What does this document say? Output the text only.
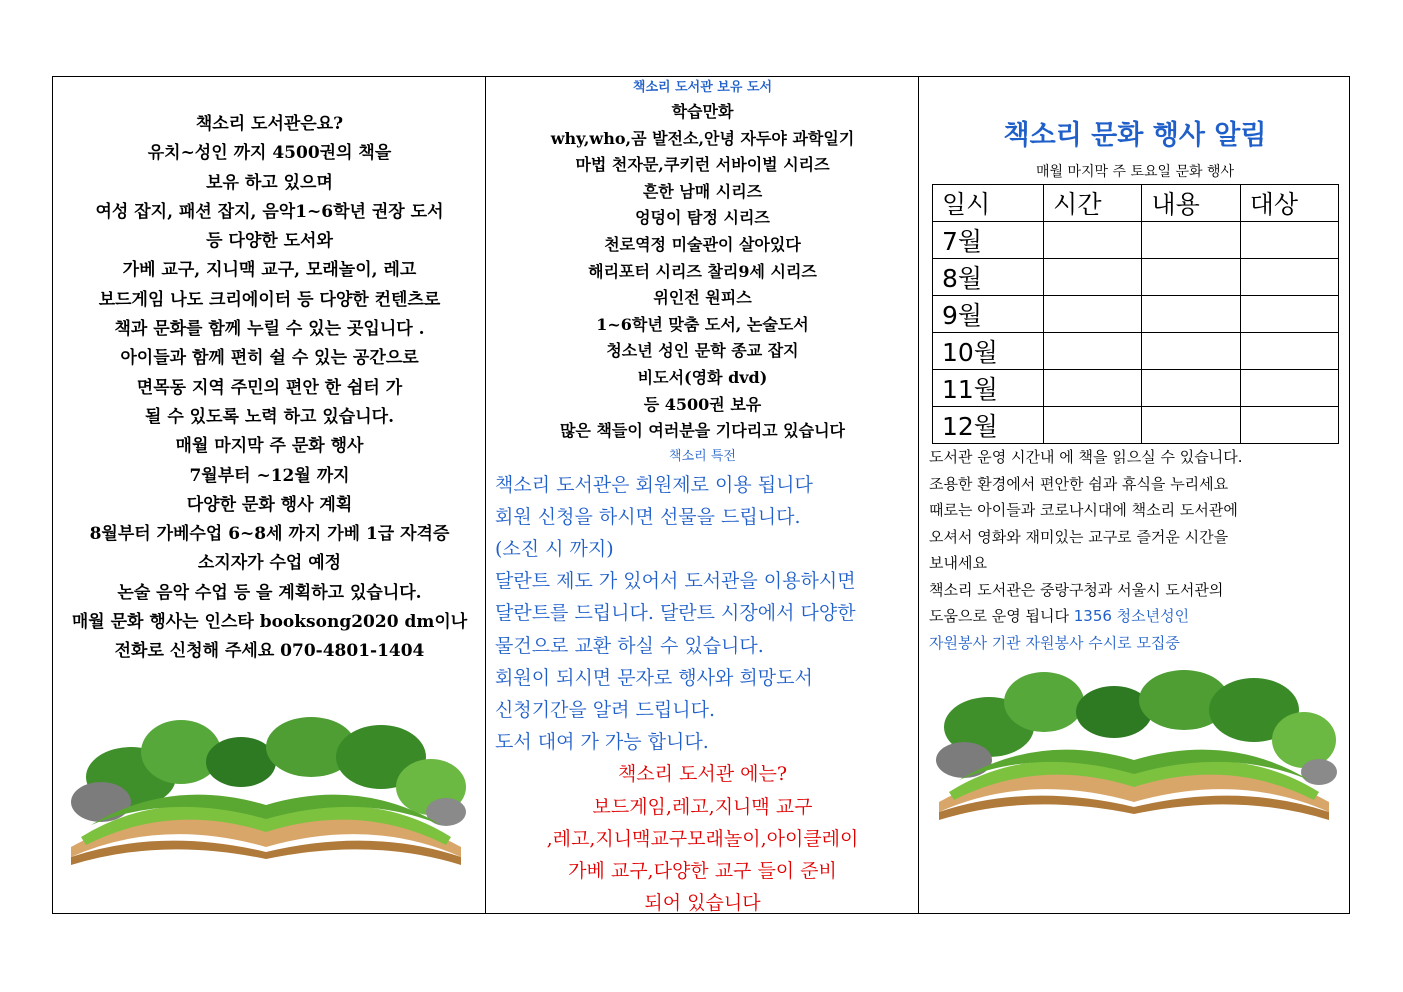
책소리 도서관은요?
유치~성인 까지 4500권의 책을
보유 하고 있으며
여성 잡지, 패션 잡지, 음악1~6학년 권장 도서
등 다양한 도서와
가베 교구, 지니맥 교구, 모래놀이, 레고
보드게임 나도 크리에이터 등 다양한 컨텐츠로
책과 문화를 함께 누릴 수 있는 곳입니다 .
아이들과 함께 편히 쉴 수 있는 공간으로
면목동 지역 주민의 편안 한 쉼터 가
될 수 있도록 노력 하고 있습니다.
매월 마지막 주 문화 행사
7월부터 ~12월 까지
다양한 문화 행사 계획
8월부터 가베수업 6~8세 까지 가베 1급 자격증
소지자가 수업 예정
논술 음악 수업 등 을 계획하고 있습니다.
매월 문화 행사는 인스타 booksong2020 dm이나
전화로 신청해 주세요 070-4801-1404
책소리 도서관 보유 도서
학습만화
why,who,곰 발전소,안녕 자두야 과학일기
마법 천자문,쿠키런 서바이벌 시리즈
흔한 남매 시리즈
엉덩이 탐정 시리즈
천로역정 미술관이 살아있다
해리포터 시리즈 찰리9세 시리즈
위인전 원피스
1~6학년 맞춤 도서, 논술도서
청소년 성인 문학 종교 잡지
비도서(영화 dvd)
등 4500권 보유
많은 책들이 여러분을 기다리고 있습니다
책소리 특전
책소리 도서관은 회원제로 이용 됩니다
회원 신청을 하시면 선물을 드립니다.
(소진 시 까지)
달란트 제도 가 있어서 도서관을 이용하시면
달란트를 드립니다. 달란트 시장에서 다양한
물건으로 교환 하실 수 있습니다.
회원이 되시면 문자로 행사와 희망도서
신청기간을 알려 드립니다.
도서 대여 가 가능 합니다.
책소리 도서관 에는?
보드게임,레고,지니맥 교구
,레고,지니맥교구모래놀이,아이클레이
가베 교구,다양한 교구 들이 준비
되어 있습니다
책소리 문화 행사 알림
매월 마지막 주 토요일 문화 행사
일시	시간	내용	대상
7월			
8월			
9월			
10월			
11월			
12월			
도서관 운영 시간내 에 책을 읽으실 수 있습니다.
조용한 환경에서 편안한 쉼과 휴식을 누리세요
때로는 아이들과 코로나시대에 책소리 도서관에
오셔서 영화와 재미있는 교구로 즐거운 시간을
보내세요
책소리 도서관은 중랑구청과 서울시 도서관의
도움으로 운영 됩니다 1356 청소년성인
자원봉사 기관 자원봉사 수시로 모집중
